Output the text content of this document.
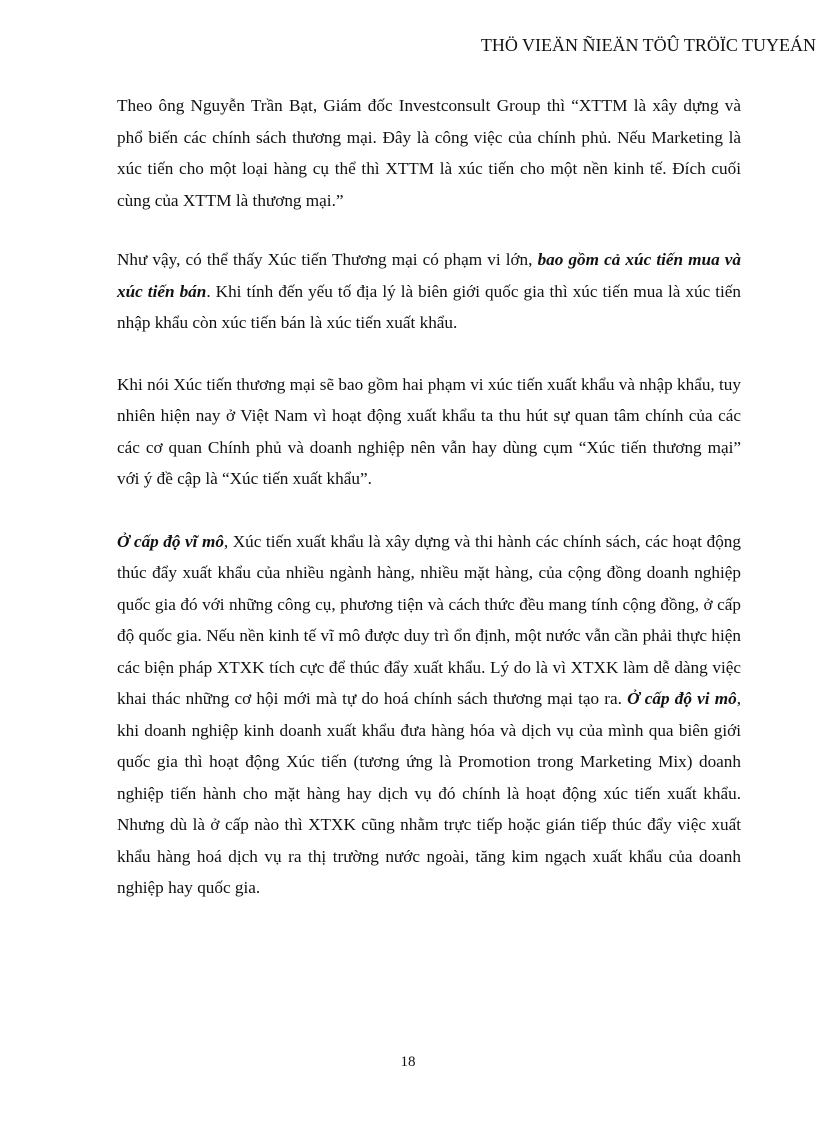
THÖ VIEÄN ÑIEÄN TÖÛ TRÖÏC TUYEÁN

Theo ông Nguyễn Trần Bạt, Giám đốc Investconsult Group thì “XTTM là xây dựng và phổ biến các chính sách thương mại. Đây là công việc của chính phủ. Nếu Marketing là xúc tiến cho một loại hàng cụ thể thì XTTM là xúc tiến cho một nền kinh tế. Đích cuối cùng của XTTM là thương mại.”

Như vậy, có thể thấy Xúc tiến Thương mại có phạm vi lớn, bao gồm cả xúc tiến mua và xúc tiến bán. Khi tính đến yếu tố địa lý là biên giới quốc gia thì xúc tiến mua là xúc tiến nhập khẩu còn xúc tiến bán là xúc tiến xuất khẩu.

Khi nói Xúc tiến thương mại sẽ bao gồm hai phạm vi xúc tiến xuất khẩu và nhập khẩu, tuy nhiên hiện nay ở Việt Nam vì hoạt động xuất khẩu ta thu hút sự quan tâm chính của các các cơ quan Chính phủ và doanh nghiệp nên vẫn hay dùng cụm “Xúc tiến thương mại” với ý đề cập là “Xúc tiến xuất khẩu”.

Ở cấp độ vĩ mô, Xúc tiến xuất khẩu là xây dựng và thi hành các chính sách, các hoạt động thúc đẩy xuất khẩu của nhiều ngành hàng, nhiều mặt hàng, của cộng đồng doanh nghiệp quốc gia đó với những công cụ, phương tiện và cách thức đều mang tính cộng đồng, ở cấp độ quốc gia. Nếu nền kinh tế vĩ mô được duy trì ổn định, một nước vẫn cần phải thực hiện các biện pháp XTXK tích cực để thúc đẩy xuất khẩu. Lý do là vì XTXK làm dễ dàng việc khai thác những cơ hội mới mà tự do hoá chính sách thương mại tạo ra. Ở cấp độ vi mô, khi doanh nghiệp kinh doanh xuất khẩu đưa hàng hóa và dịch vụ của mình qua biên giới quốc gia thì hoạt động Xúc tiến (tương ứng là Promotion trong Marketing Mix) doanh nghiệp tiến hành cho mặt hàng hay dịch vụ đó chính là hoạt động xúc tiến xuất khẩu. Nhưng dù là ở cấp nào thì XTXK cũng nhằm trực tiếp hoặc gián tiếp thúc đẩy việc xuất khẩu hàng hoá dịch vụ ra thị trường nước ngoài, tăng kim ngạch xuất khẩu của doanh nghiệp hay quốc gia.

18
